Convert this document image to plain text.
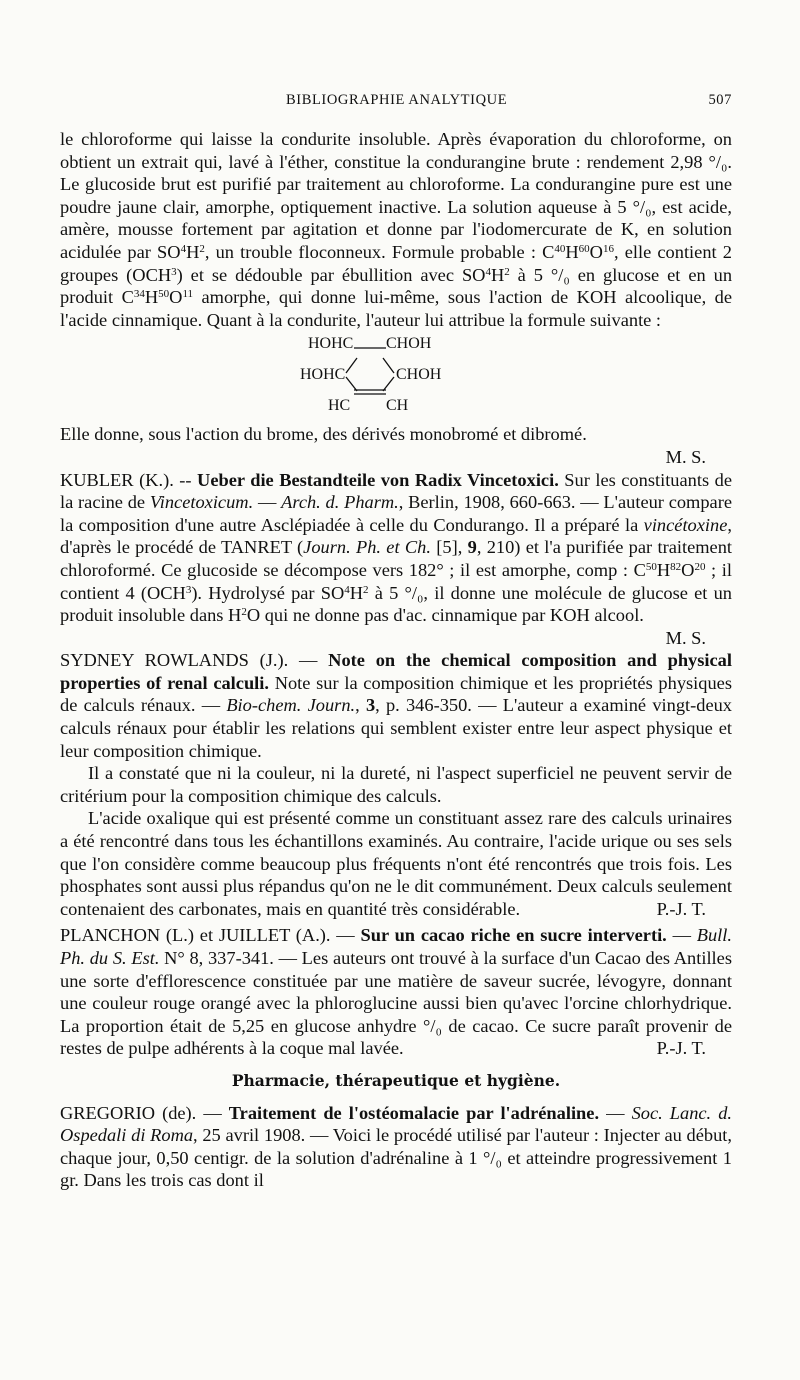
BIBLIOGRAPHIE ANALYTIQUE	507

le chloroforme qui laisse la condurite insoluble. Après évaporation du chloroforme, on obtient un extrait qui, lavé à l'éther, constitue la condurangine brute : rendement 2,98 °/₀. Le glucoside brut est purifié par traitement au chloroforme. La condurangine pure est une poudre jaune clair, amorphe, optiquement inactive. La solution aqueuse à 5 °/₀, est acide, amère, mousse fortement par agitation et donne par l'iodomercurate de K, en solution acidulée par $SO^4H^2$, un trouble floconneux. Formule probable : $C^{40}H^{60}O^{16}$, elle contient 2 groupes (OCH$^3$) et se dédouble par ébullition avec $SO^4H^2$ à 5 °/₀ en glucose et en un produit $C^{34}H^{50}O^{11}$ amorphe, qui donne lui-même, sous l'action de KOH alcoolique, de l'acide cinnamique. Quant à la condurite, l'auteur lui attribue la formule suivante :

HOHC CHOH
HOHC	CHOH
HC CH

Elle donne, sous l'action du brome, des dérivés monobromé et dibromé.

M. S.

KUBLER (K.). -- Ueber die Bestandteile von Radix Vincetoxici. Sur les constituants de la racine de Vincetoxicum. — Arch. d. Pharm., Berlin, 1908, 660-663. — L'auteur compare la composition d'une autre Asclépiadée à celle du Condurango. Il a préparé la vincétoxine, d'après le procédé de TANRET (Journ. Ph. et Ch. [5], 9, 210) et l'a purifiée par traitement chloroformé. Ce glucoside se décompose vers 182° ; il est amorphe, comp : $C^{50}H^{82}O^{20}$ ; il contient 4 (OCH$^3$). Hydrolysé par $SO^4H^2$ à 5 °/₀, il donne une molécule de glucose et un produit insoluble dans $H^2O$ qui ne donne pas d'ac. cinnamique par KOH alcool.

M. S.

SYDNEY ROWLANDS (J.). — Note on the chemical composition and physical properties of renal calculi. Note sur la composition chimique et les propriétés physiques de calculs rénaux. — Bio-chem. Journ., 3, p. 346-350. — L'auteur a examiné vingt-deux calculs rénaux pour établir les relations qui semblent exister entre leur aspect physique et leur composition chimique.

Il a constaté que ni la couleur, ni la dureté, ni l'aspect superficiel ne peuvent servir de critérium pour la composition chimique des calculs.

L'acide oxalique qui est présenté comme un constituant assez rare des calculs urinaires a été rencontré dans tous les échantillons examinés. Au contraire, l'acide urique ou ses sels que l'on considère comme beaucoup plus fréquents n'ont été rencontrés que trois fois. Les phosphates sont aussi plus répandus qu'on ne le dit communément. Deux calculs seulement contenaient des carbonates, mais en quantité très considérable.	P.-J. T.

PLANCHON (L.) et JUILLET (A.). — Sur un cacao riche en sucre interverti. — Bull. Ph. du S. Est. N° 8, 337-341. — Les auteurs ont trouvé à la surface d'un Cacao des Antilles une sorte d'efflorescence constituée par une matière de saveur sucrée, lévogyre, donnant une couleur rouge orangé avec la phloroglucine aussi bien qu'avec l'orcine chlorhydrique. La proportion était de 5,25 en glucose anhydre °/₀ de cacao. Ce sucre paraît provenir de restes de pulpe adhérents à la coque mal lavée.	P.-J. T.

Pharmacie, thérapeutique et hygiène.

GREGORIO (de). — Traitement de l'ostéomalacie par l'adrénaline. — Soc. Lanc. d. Ospedali di Roma, 25 avril 1908. — Voici le procédé utilisé par l'auteur : Injecter au début, chaque jour, 0,50 centigr. de la solution d'adrénaline à 1 °/₀ et atteindre progressivement 1 gr. Dans les trois cas dont il
